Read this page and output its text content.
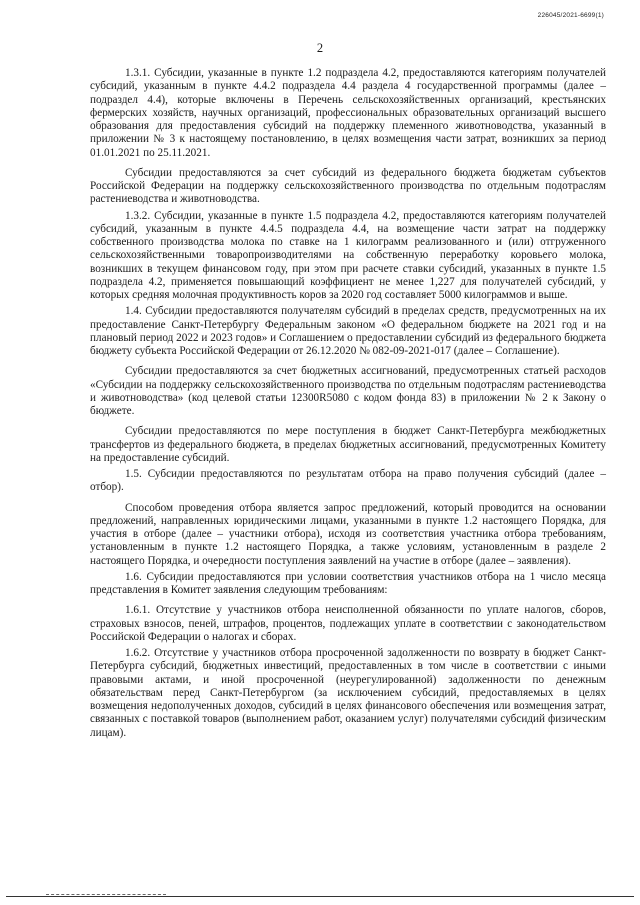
226045/2021-6699(1)
2

1.3.1. Субсидии, указанные в пункте 1.2 подраздела 4.2, предоставляются категориям получателей субсидий, указанным в пункте 4.4.2 подраздела 4.4 раздела 4 государственной программы (далее – подраздел 4.4), которые включены в Перечень сельскохозяйственных организаций, крестьянских фермерских хозяйств, научных организаций, профессиональных образовательных организаций высшего образования для предоставления субсидий на поддержку племенного животноводства, указанный в приложении № 3 к настоящему постановлению, в целях возмещения части затрат, возникших за период 01.01.2021 по 25.11.2021.

Субсидии предоставляются за счет субсидий из федерального бюджета бюджетам субъектов Российской Федерации на поддержку сельскохозяйственного производства по отдельным подотраслям растениеводства и животноводства.

1.3.2. Субсидии, указанные в пункте 1.5 подраздела 4.2, предоставляются категориям получателей субсидий, указанным в пункте 4.4.5 подраздела 4.4, на возмещение части затрат на поддержку собственного производства молока по ставке на 1 килограмм реализованного и (или) отгруженного сельскохозяйственными товаропроизводителями на собственную переработку коровьего молока, возникших в текущем финансовом году, при этом при расчете ставки субсидий, указанных в пункте 1.5 подраздела 4.2, применяется повышающий коэффициент не менее 1,227 для получателей субсидий, у которых средняя молочная продуктивность коров за 2020 год составляет 5000 килограммов и выше.

1.4. Субсидии предоставляются получателям субсидий в пределах средств, предусмотренных на их предоставление Санкт-Петербургу Федеральным законом «О федеральном бюджете на 2021 год и на плановый период 2022 и 2023 годов» и Соглашением о предоставлении субсидий из федерального бюджета бюджету субъекта Российской Федерации от 26.12.2020 № 082-09-2021-017 (далее – Соглашение).

Субсидии предоставляются за счет бюджетных ассигнований, предусмотренных статьей расходов «Субсидии на поддержку сельскохозяйственного производства по отдельным подотраслям растениеводства и животноводства» (код целевой статьи 12300R5080 с кодом фонда 83) в приложении № 2 к Закону о бюджете.

Субсидии предоставляются по мере поступления в бюджет Санкт-Петербурга межбюджетных трансфертов из федерального бюджета, в пределах бюджетных ассигнований, предусмотренных Комитету на предоставление субсидий.

1.5. Субсидии предоставляются по результатам отбора на право получения субсидий (далее – отбор).

Способом проведения отбора является запрос предложений, который проводится на основании предложений, направленных юридическими лицами, указанными в пункте 1.2 настоящего Порядка, для участия в отборе (далее – участники отбора), исходя из соответствия участника отбора требованиям, установленным в пункте 1.2 настоящего Порядка, а также условиям, установленным в разделе 2 настоящего Порядка, и очередности поступления заявлений на участие в отборе (далее – заявления).

1.6. Субсидии предоставляются при условии соответствия участников отбора на 1 число месяца представления в Комитет заявления следующим требованиям:

1.6.1. Отсутствие у участников отбора неисполненной обязанности по уплате налогов, сборов, страховых взносов, пеней, штрафов, процентов, подлежащих уплате в соответствии с законодательством Российской Федерации о налогах и сборах.

1.6.2. Отсутствие у участников отбора просроченной задолженности по возврату в бюджет Санкт-Петербурга субсидий, бюджетных инвестиций, предоставленных в том числе в соответствии с иными правовыми актами, и иной просроченной (неурегулированной) задолженности по денежным обязательствам перед Санкт-Петербургом (за исключением субсидий, предоставляемых в целях возмещения недополученных доходов, субсидий в целях финансового обеспечения или возмещения затрат, связанных с поставкой товаров (выполнением работ, оказанием услуг) получателями субсидий физическим лицам).
